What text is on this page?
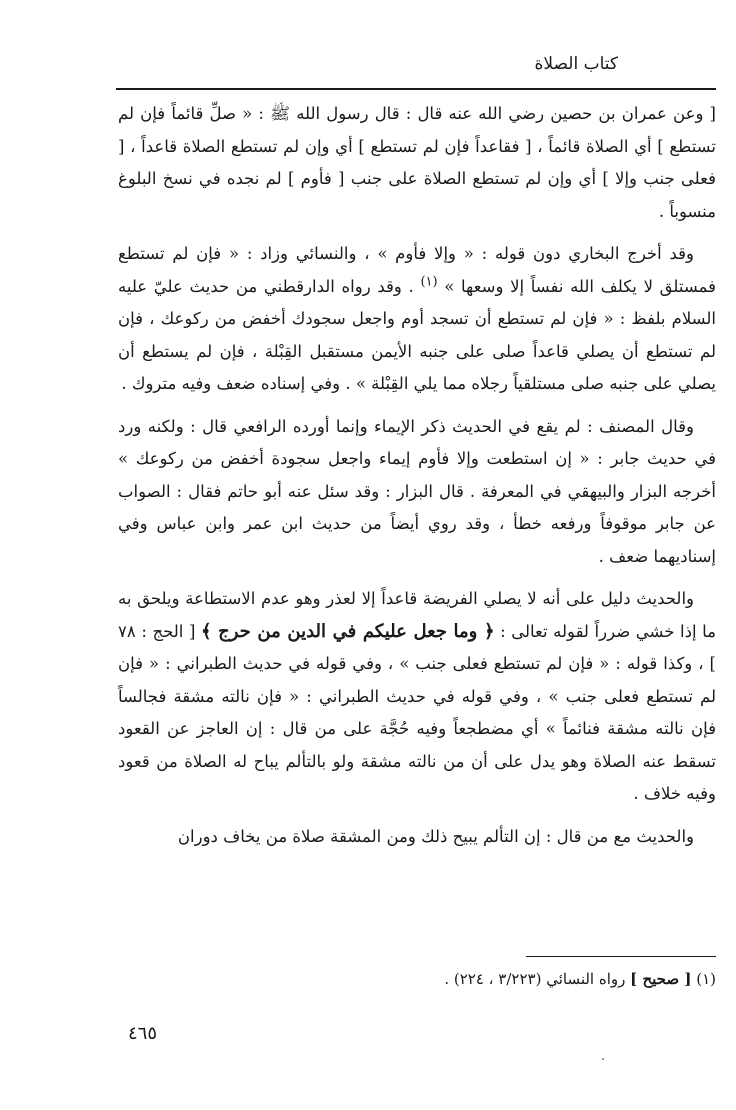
كتاب الصلاة

[ وعن عمران بن حصين رضي الله عنه قال : قال رسول الله ﷺ : « صلِّ قائماً فإن لم تستطع ] أي الصلاة قائماً ، [ فقاعداً فإن لم تستطع ] أي وإن لم تستطع الصلاة قاعداً ، [ فعلى جنب وإلا ] أي وإن لم تستطع الصلاة على جنب [ فأوم ] لم نجده في نسخ البلوغ منسوباً .

وقد أخرج البخاري دون قوله : « وإلا فأوم » ، والنسائي وزاد : « فإن لم تستطع فمستلق لا يكلف الله نفساً إلا وسعها » $^{(١)}$ . وقد رواه الدارقطني من حديث عليّ عليه السلام بلفظ : « فإن لم تستطع أن تسجد أوم واجعل سجودك أخفض من ركوعك ، فإن لم تستطع أن يصلي قاعداً صلى على جنبه الأيمن مستقبل القِبْلة ، فإن لم يستطع أن يصلي على جنبه صلى مستلقياً رجلاه مما يلي القِبْلة » . وفي إسناده ضعف وفيه متروك .

وقال المصنف : لم يقع في الحديث ذكر الإيماء وإنما أورده الرافعي قال : ولكنه ورد في حديث جابر : « إن استطعت وإلا فأوم إيماء واجعل سجودة أخفض من ركوعك » أخرجه البزار والبيهقي في المعرفة . قال البزار : وقد سئل عنه أبو حاتم فقال : الصواب عن جابر موقوفاً ورفعه خطأ ، وقد روي أيضاً من حديث ابن عمر وابن عباس وفي إسناديهما ضعف .

والحديث دليل على أنه لا يصلي الفريضة قاعداً إلا لعذر وهو عدم الاستطاعة ويلحق به ما إذا خشي ضرراً لقوله تعالى : ﴿ وما جعل عليكم في الدين من حرج ﴾ [ الحج : ٧٨ ] ، وكذا قوله : « فإن لم تستطع فعلى جنب » ، وفي قوله في حديث الطبراني : « فإن لم تستطع فعلى جنب » ، وفي قوله في حديث الطبراني : « فإن نالته مشقة فجالساً فإن نالته مشقة فنائماً » أي مضطجعاً وفيه حُجَّة على من قال : إن العاجز عن القعود تسقط عنه الصلاة وهو يدل على أن من نالته مشقة ولو بالتألم يباح له الصلاة من قعود وفيه خلاف .

والحديث مع من قال : إن التألم يبيح ذلك ومن المشقة صلاة من يخاف دوران

(١) [ صحيح ] رواه النسائي (٣/٢٢٣ ، ٢٢٤) .
٤٦٥
